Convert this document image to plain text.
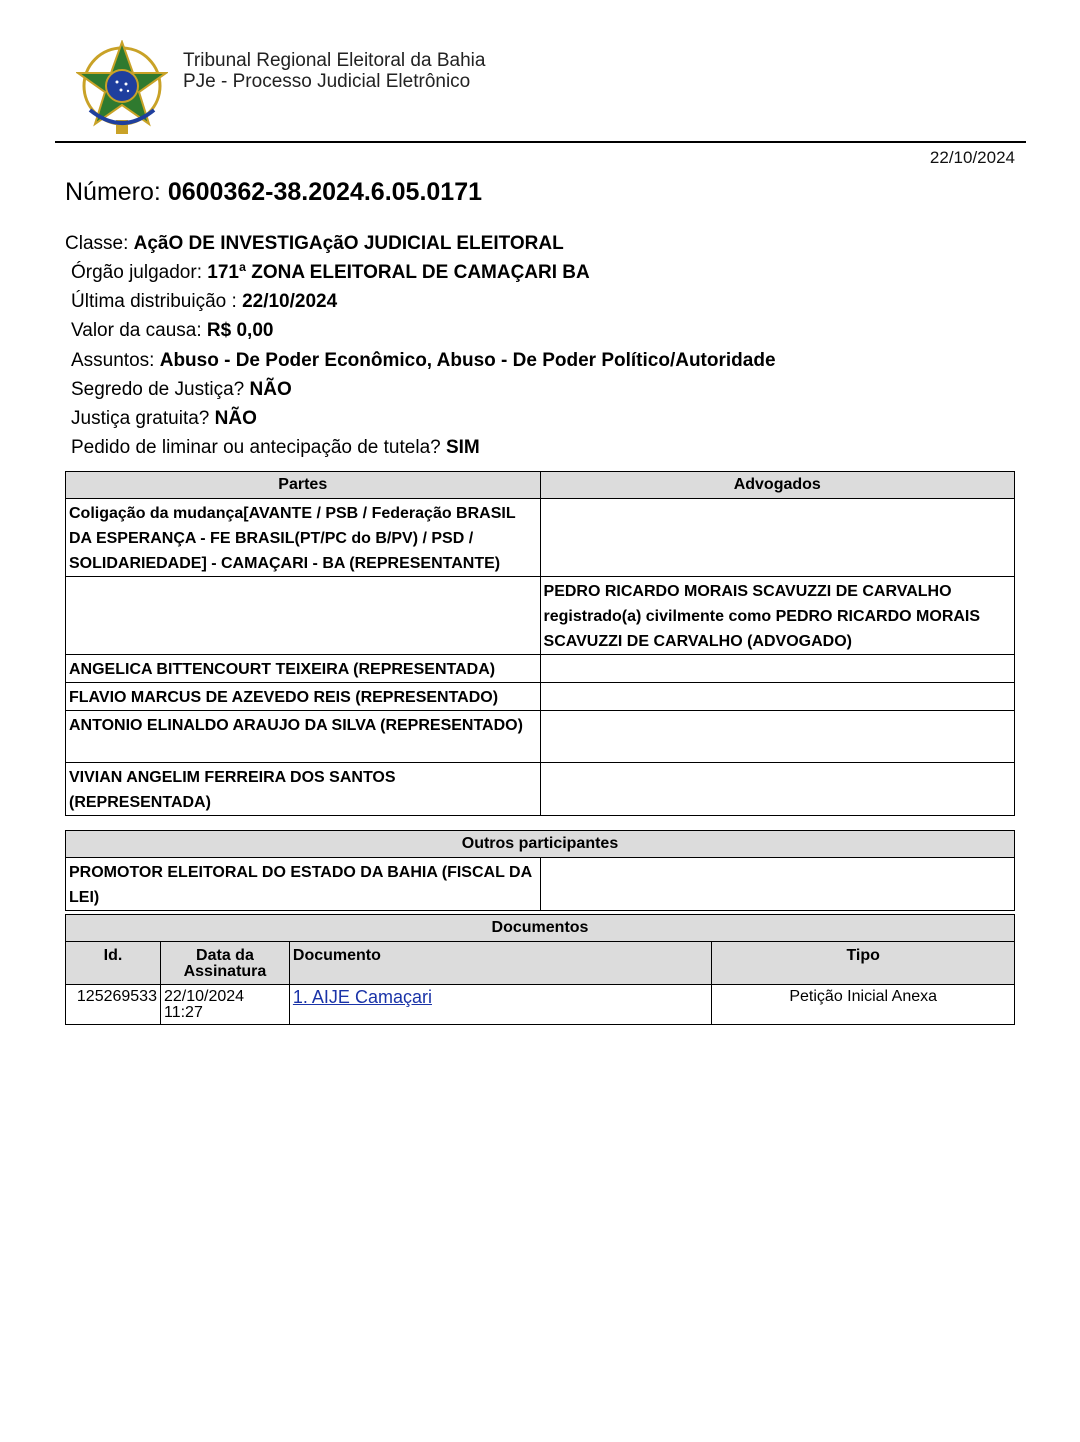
Tribunal Regional Eleitoral da Bahia
PJe - Processo Judicial Eletrônico
22/10/2024
Número: 0600362-38.2024.6.05.0171
Classe: AçãO DE INVESTIGAçãO JUDICIAL ELEITORAL
Órgão julgador: 171ª ZONA ELEITORAL DE CAMAÇARI BA
Última distribuição : 22/10/2024
Valor da causa: R$ 0,00
Assuntos: Abuso - De Poder Econômico, Abuso - De Poder Político/Autoridade
Segredo de Justiça? NÃO
Justiça gratuita? NÃO
Pedido de liminar ou antecipação de tutela? SIM
Partes	Advogados
Coligação da mudança[AVANTE / PSB / Federação BRASIL DA ESPERANÇA - FE BRASIL(PT/PC do B/PV) / PSD / SOLIDARIEDADE] - CAMAÇARI - BA (REPRESENTANTE)	
	PEDRO RICARDO MORAIS SCAVUZZI DE CARVALHO registrado(a) civilmente como PEDRO RICARDO MORAIS SCAVUZZI DE CARVALHO (ADVOGADO)
ANGELICA BITTENCOURT TEIXEIRA (REPRESENTADA)	
FLAVIO MARCUS DE AZEVEDO REIS (REPRESENTADO)	
ANTONIO ELINALDO ARAUJO DA SILVA (REPRESENTADO)	
VIVIAN ANGELIM FERREIRA DOS SANTOS (REPRESENTADA)	
Outros participantes
PROMOTOR ELEITORAL DO ESTADO DA BAHIA (FISCAL DA LEI)	
Documentos			
Id.	Data da Assinatura	Documento	Tipo
125269533	22/10/2024 11:27	1. AIJE Camaçari	Petição Inicial Anexa
